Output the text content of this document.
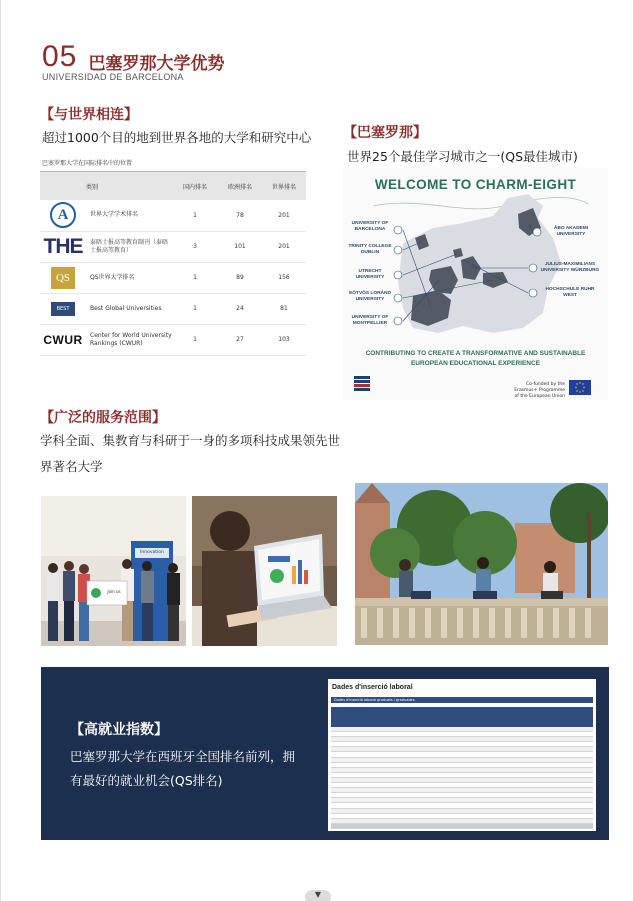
05 巴塞罗那大学优势
UNIVERSIDAD DE BARCELONA
【与世界相连】
超过1000个目的地到世界各地的大学和研究中心
巴塞罗那大学在国际排名中的位置
	类别	国内排名	欧洲排名	世界排名
A	世界大学学术排名	1	78	201
THE	泰晤士报高等教育副刊（泰晤士报高等教育）	3	101	201
QS	QS世界大学排名	1	89	156
BEST	Best Global Universities	1	24	81
CWUR	Center for World University Rankings (CWUR)	1	27	103
【巴塞罗那】
世界25个最佳学习城市之一(QS最佳城市)
WELCOME TO CHARM-EIGHT
UNIVERSITY OF BARCELONA
TRINITY COLLEGE DUBLIN
UTRECHT UNIVERSITY
EÖTVÖS LORÁND UNIVERSITY
UNIVERSITY OF MONTPELLIER
ÅBO AKADEMI UNIVERSITY
JULIUS-MAXIMILIANS UNIVERSITY WÜRZBURG
HOCHSCHULE RUHR WEST
CONTRIBUTING TO CREATE A TRANSFORMATIVE AND SUSTAINABLE EUROPEAN EDUCATIONAL EXPERIENCE
Co-funded by the Erasmus+ Programme of the European Union
【广泛的服务范围】
学科全面、集教育与科研于一身的多项科技成果领先世
界著名大学
Innovation
Join us
【高就业指数】
巴塞罗那大学在西班牙全国排名前列，拥有最好的就业机会(QS排名)
Dades d'inserció laboral
Dades d'inserció laboral graduats i graduades
▼
